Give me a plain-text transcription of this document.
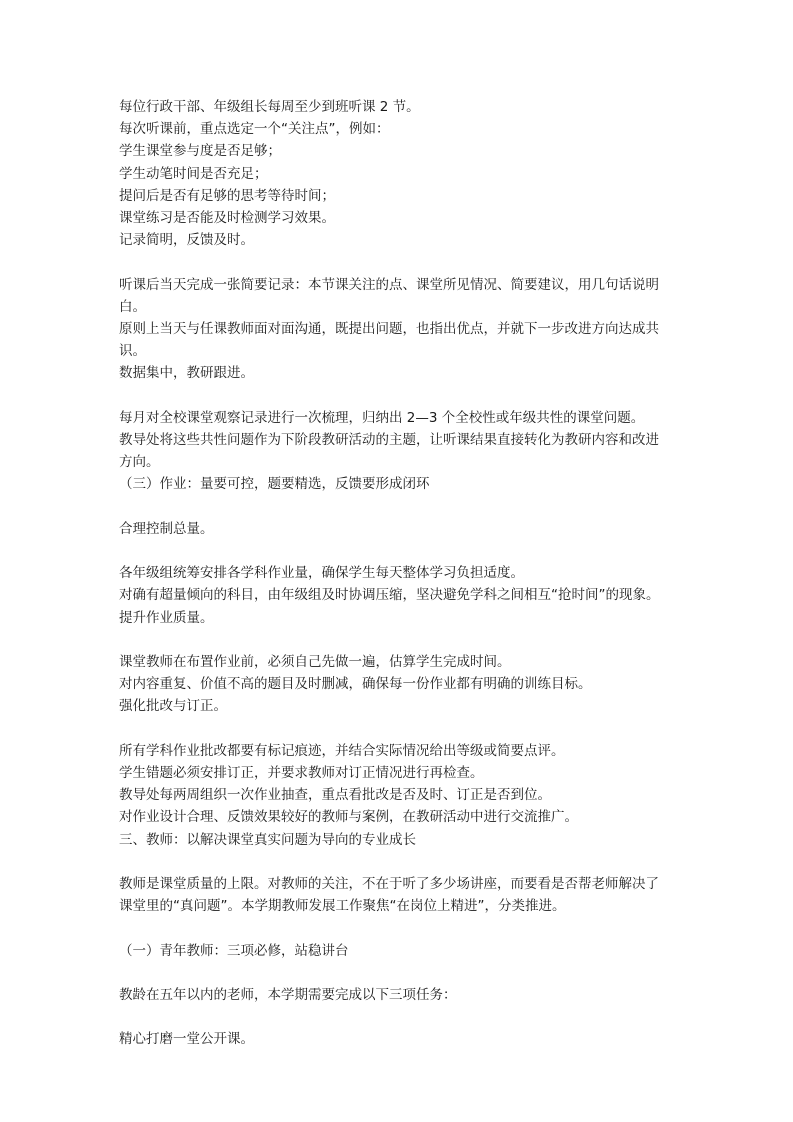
每位行政干部、年级组长每周至少到班听课 2 节。
每次听课前，重点选定一个“关注点”，例如：
学生课堂参与度是否足够；
学生动笔时间是否充足；
提问后是否有足够的思考等待时间；
课堂练习是否能及时检测学习效果。
记录简明，反馈及时。
听课后当天完成一张简要记录：本节课关注的点、课堂所见情况、简要建议，用几句话说明
白。
原则上当天与任课教师面对面沟通，既提出问题，也指出优点，并就下一步改进方向达成共
识。
数据集中，教研跟进。
每月对全校课堂观察记录进行一次梳理，归纳出 2—3 个全校性或年级共性的课堂问题。
教导处将这些共性问题作为下阶段教研活动的主题，让听课结果直接转化为教研内容和改进
方向。
（三）作业：量要可控，题要精选，反馈要形成闭环
合理控制总量。
各年级组统筹安排各学科作业量，确保学生每天整体学习负担适度。
对确有超量倾向的科目，由年级组及时协调压缩，坚决避免学科之间相互“抢时间”的现象。
提升作业质量。
课堂教师在布置作业前，必须自己先做一遍，估算学生完成时间。
对内容重复、价值不高的题目及时删减，确保每一份作业都有明确的训练目标。
强化批改与订正。
所有学科作业批改都要有标记痕迹，并结合实际情况给出等级或简要点评。
学生错题必须安排订正，并要求教师对订正情况进行再检查。
教导处每两周组织一次作业抽查，重点看批改是否及时、订正是否到位。
对作业设计合理、反馈效果较好的教师与案例，在教研活动中进行交流推广。
三、教师：以解决课堂真实问题为导向的专业成长
教师是课堂质量的上限。对教师的关注，不在于听了多少场讲座，而要看是否帮老师解决了
课堂里的“真问题”。本学期教师发展工作聚焦“在岗位上精进”，分类推进。
（一）青年教师：三项必修，站稳讲台
教龄在五年以内的老师，本学期需要完成以下三项任务：
精心打磨一堂公开课。
